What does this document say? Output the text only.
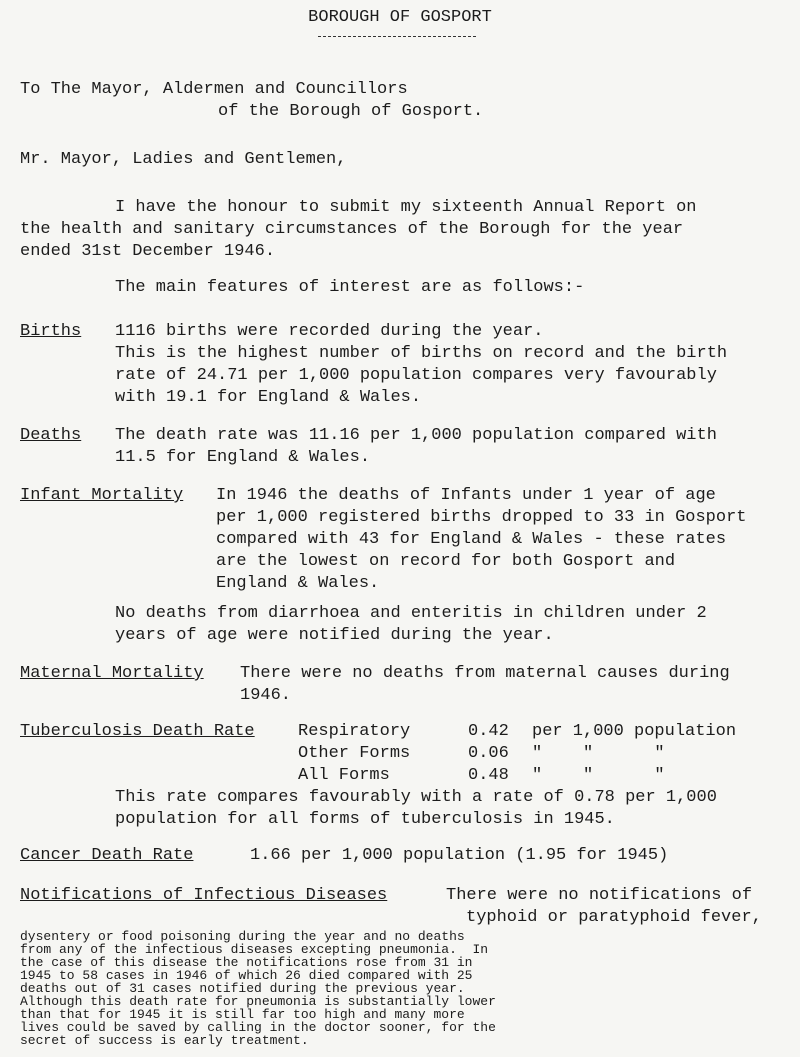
BOROUGH OF GOSPORT
To The Mayor, Aldermen and Councillors
of the Borough of Gosport.
Mr. Mayor, Ladies and Gentlemen,
I have the honour to submit my sixteenth Annual Report on
the health and sanitary circumstances of the Borough for the year
ended 31st December 1946.
The main features of interest are as follows:-
Births 1116 births were recorded during the year.
This is the highest number of births on record and the birth
rate of 24.71 per 1,000 population compares very favourably
with 19.1 for England & Wales.
Deaths The death rate was 11.16 per 1,000 population compared with
11.5 for England & Wales.
Infant Mortality In 1946 the deaths of Infants under 1 year of age
per 1,000 registered births dropped to 33 in Gosport
compared with 43 for England & Wales - these rates
are the lowest on record for both Gosport and
England & Wales.
No deaths from diarrhoea and enteritis in children under 2
years of age were notified during the year.
Maternal Mortality There were no deaths from maternal causes during
1946.
Tuberculosis Death Rate	Respiratory	0.42 per 1,000 population
Other Forms	0.06 "    "      "
All Forms	0.48 "    "      "
This rate compares favourably with a rate of 0.78 per 1,000
population for all forms of tuberculosis in 1945.
Cancer Death Rate	1.66 per 1,000 population (1.95 for 1945)
Notifications of Infectious Diseases	There were no notifications of
typhoid or paratyphoid fever,
dysentery or food poisoning during the year and no deaths
from any of the infectious diseases excepting pneumonia.  In
the case of this disease the notifications rose from 31 in
1945 to 58 cases in 1946 of which 26 died compared with 25
deaths out of 31 cases notified during the previous year.
Although this death rate for pneumonia is substantially lower
than that for 1945 it is still far too high and many more
lives could be saved by calling in the doctor sooner, for the
secret of success is early treatment.
